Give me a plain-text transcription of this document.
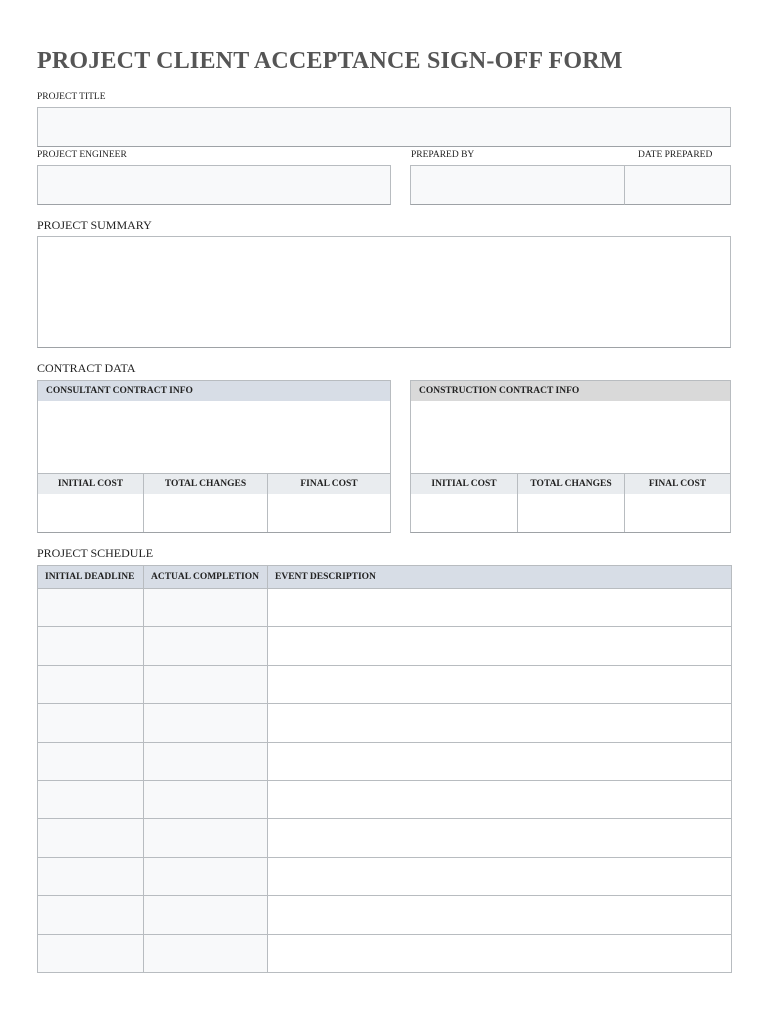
PROJECT CLIENT ACCEPTANCE SIGN-OFF FORM
PROJECT TITLE
PROJECT ENGINEER	PREPARED BY	DATE PREPARED
PROJECT SUMMARY
CONTRACT DATA
CONSULTANT CONTRACT INFO
INITIAL COST	TOTAL CHANGES	FINAL COST
CONSTRUCTION CONTRACT INFO
INITIAL COST	TOTAL CHANGES	FINAL COST
PROJECT SCHEDULE
INITIAL DEADLINE	ACTUAL COMPLETION	EVENT DESCRIPTION
